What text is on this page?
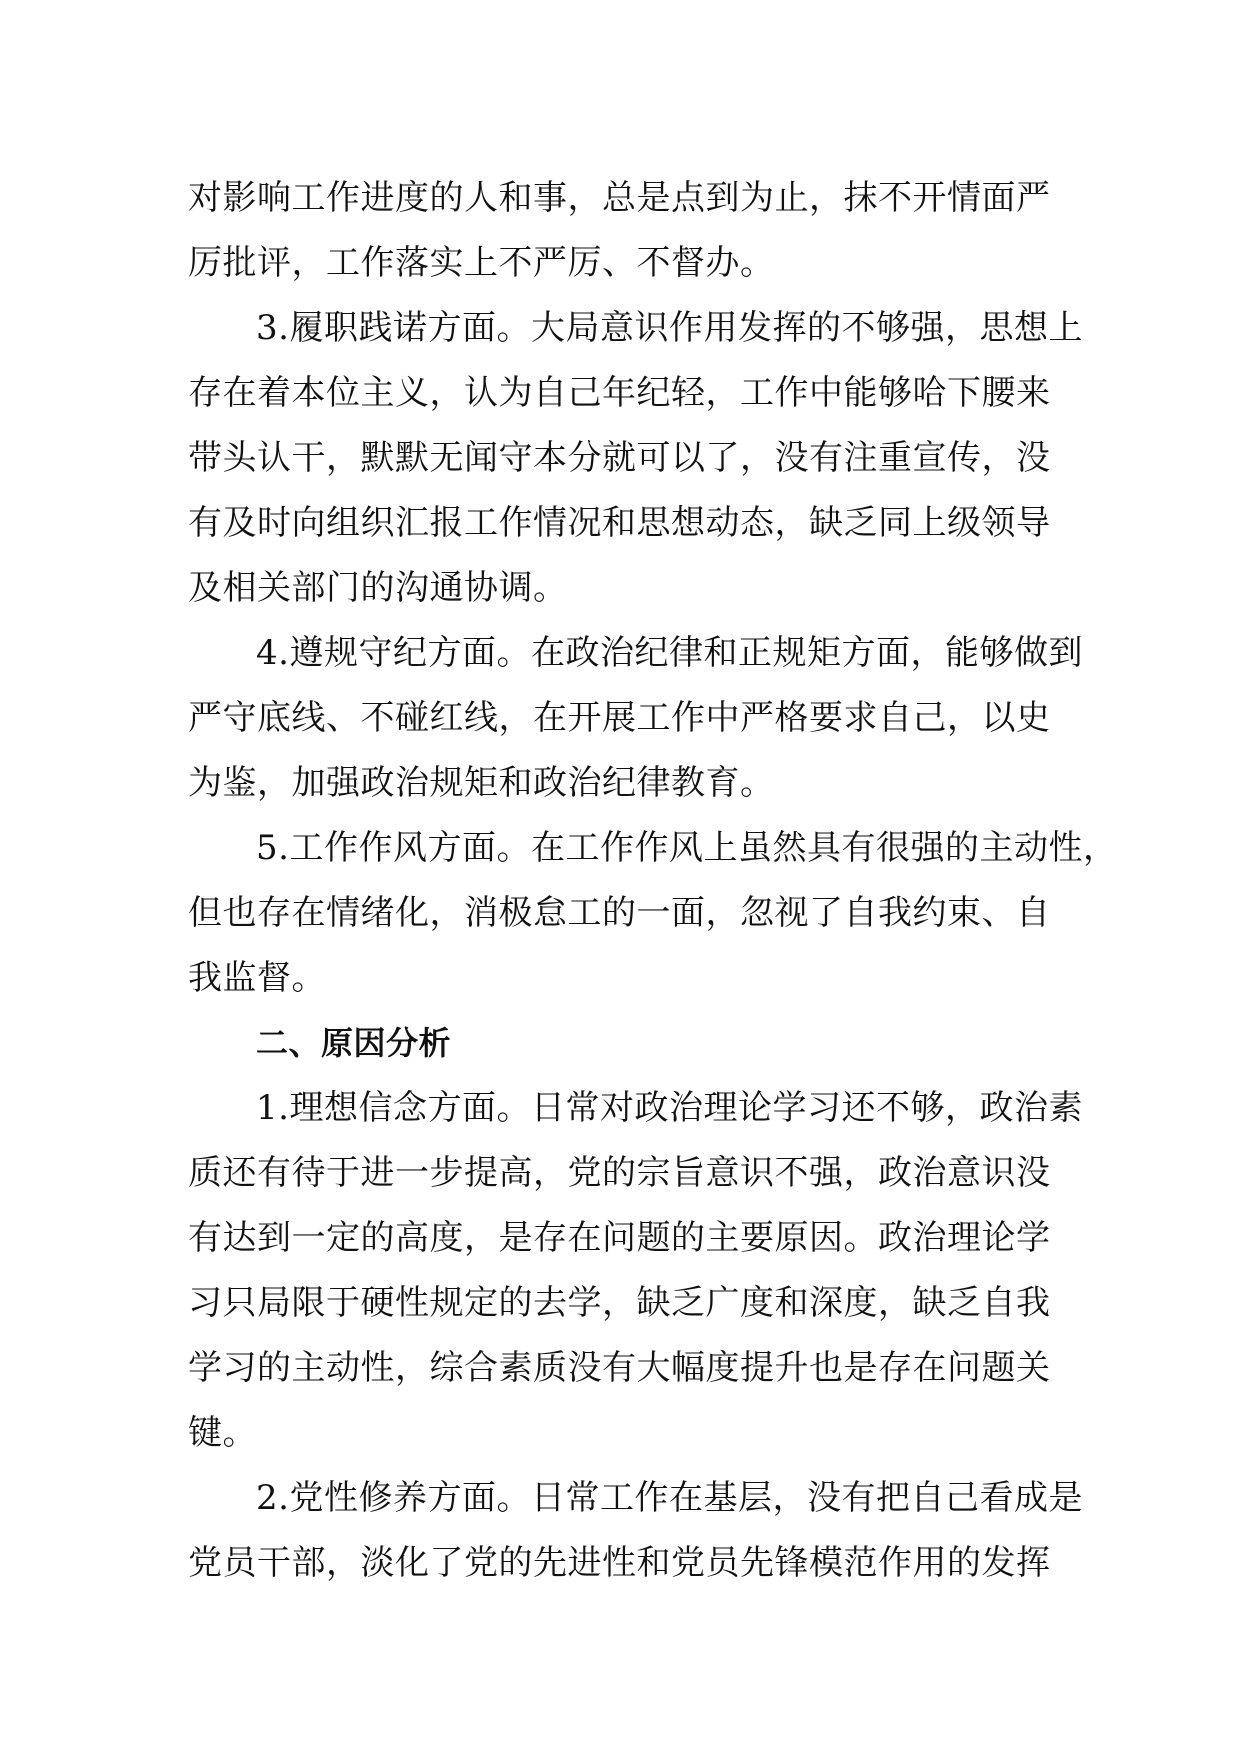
对影响工作进度的人和事，总是点到为止，抹不开情面严
厉批评，工作落实上不严厉、不督办。
3.履职践诺方面。大局意识作用发挥的不够强，思想上
存在着本位主义，认为自己年纪轻，工作中能够哈下腰来
带头认干，默默无闻守本分就可以了，没有注重宣传，没
有及时向组织汇报工作情况和思想动态，缺乏同上级领导
及相关部门的沟通协调。
4.遵规守纪方面。在政治纪律和正规矩方面，能够做到
严守底线、不碰红线，在开展工作中严格要求自己，以史
为鉴，加强政治规矩和政治纪律教育。
5.工作作风方面。在工作作风上虽然具有很强的主动性，
但也存在情绪化，消极怠工的一面，忽视了自我约束、自
我监督。
二、原因分析
1.理想信念方面。日常对政治理论学习还不够，政治素
质还有待于进一步提高，党的宗旨意识不强，政治意识没
有达到一定的高度，是存在问题的主要原因。政治理论学
习只局限于硬性规定的去学，缺乏广度和深度，缺乏自我
学习的主动性，综合素质没有大幅度提升也是存在问题关
键。
2.党性修养方面。日常工作在基层，没有把自己看成是
党员干部，淡化了党的先进性和党员先锋模范作用的发挥
